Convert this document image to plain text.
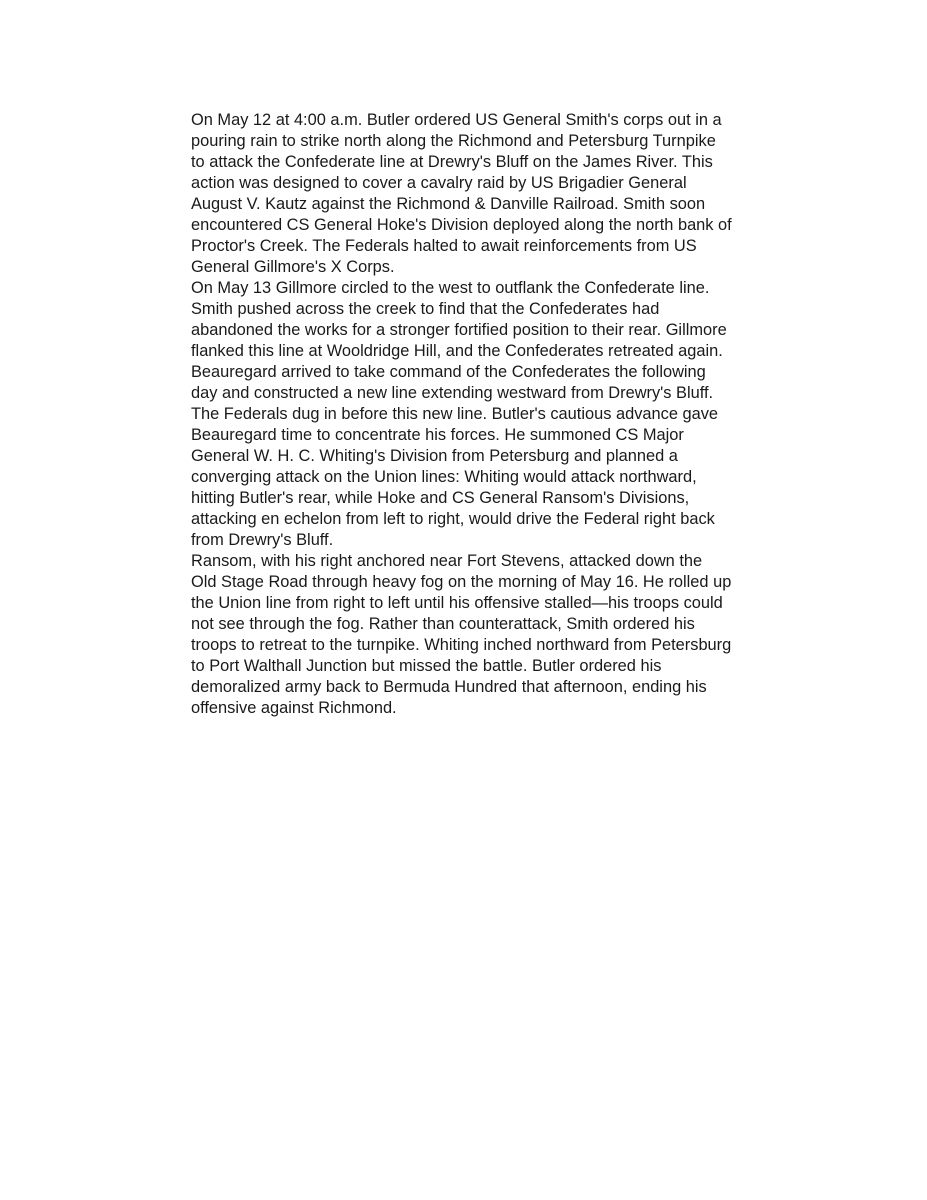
On May 12 at 4:00 a.m. Butler ordered US General Smith's corps out in a
pouring rain to strike north along the Richmond and Petersburg Turnpike
to attack the Confederate line at Drewry's Bluff on the James River. This
action was designed to cover a cavalry raid by US Brigadier General
August V. Kautz against the Richmond & Danville Railroad. Smith soon
encountered CS General Hoke's Division deployed along the north bank of
Proctor's Creek. The Federals halted to await reinforcements from US
General Gillmore's X Corps.
On May 13 Gillmore circled to the west to outflank the Confederate line.
Smith pushed across the creek to find that the Confederates had
abandoned the works for a stronger fortified position to their rear. Gillmore
flanked this line at Wooldridge Hill, and the Confederates retreated again.
Beauregard arrived to take command of the Confederates the following
day and constructed a new line extending westward from Drewry's Bluff.
The Federals dug in before this new line. Butler's cautious advance gave
Beauregard time to concentrate his forces. He summoned CS Major
General W. H. C. Whiting's Division from Petersburg and planned a
converging attack on the Union lines: Whiting would attack northward,
hitting Butler's rear, while Hoke and CS General Ransom's Divisions,
attacking en echelon from left to right, would drive the Federal right back
from Drewry's Bluff.
Ransom, with his right anchored near Fort Stevens, attacked down the
Old Stage Road through heavy fog on the morning of May 16. He rolled up
the Union line from right to left until his offensive stalled—his troops could
not see through the fog. Rather than counterattack, Smith ordered his
troops to retreat to the turnpike. Whiting inched northward from Petersburg
to Port Walthall Junction but missed the battle. Butler ordered his
demoralized army back to Bermuda Hundred that afternoon, ending his
offensive against Richmond.
